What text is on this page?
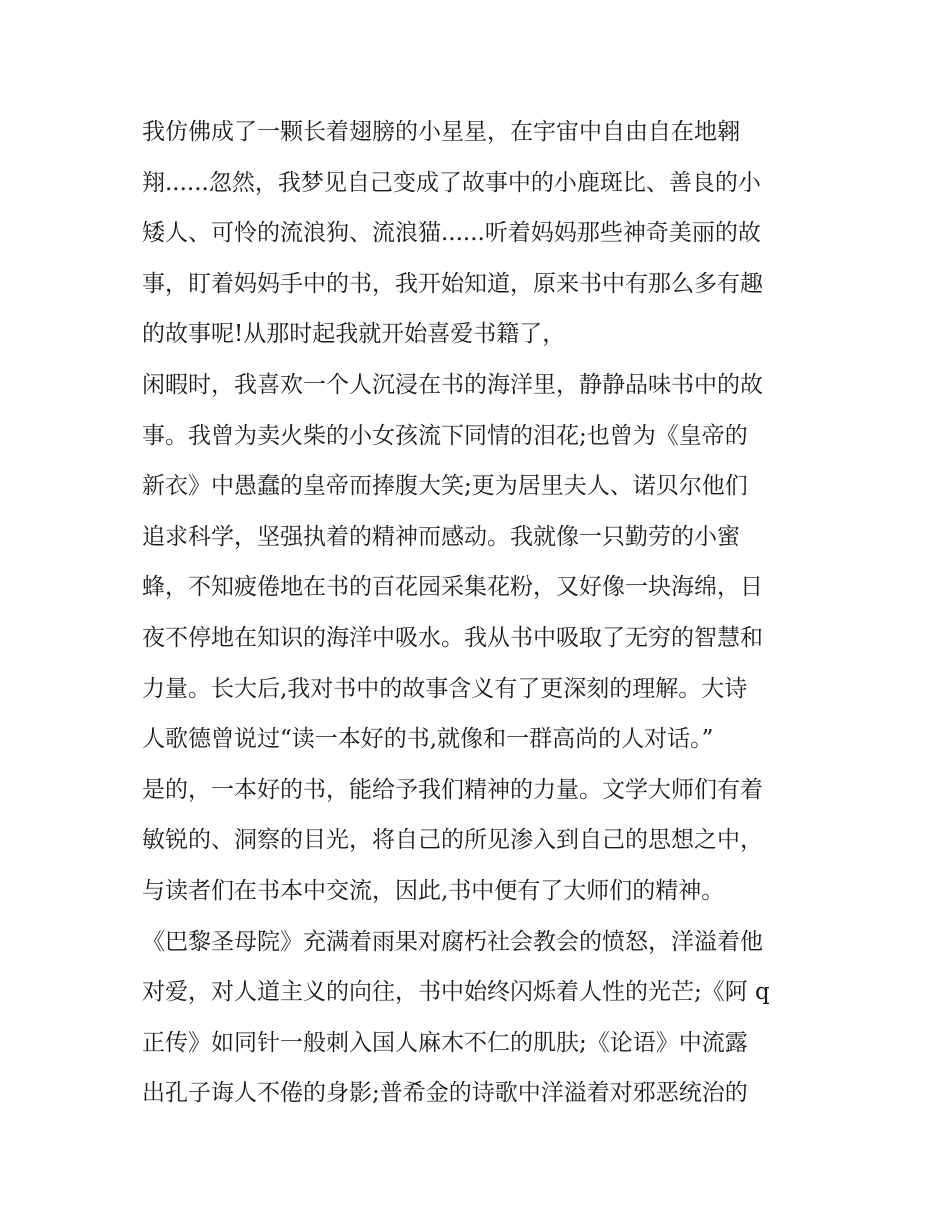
我仿佛成了一颗长着翅膀的小星星，在宇宙中自由自在地翱
翔......忽然，我梦见自己变成了故事中的小鹿斑比、善良的小
矮人、可怜的流浪狗、流浪猫......听着妈妈那些神奇美丽的故
事，盯着妈妈手中的书，我开始知道，原来书中有那么多有趣
的故事呢!从那时起我就开始喜爱书籍了，
闲暇时，我喜欢一个人沉浸在书的海洋里，静静品味书中的故
事。我曾为卖火柴的小女孩流下同情的泪花;也曾为《皇帝的
新衣》中愚蠢的皇帝而捧腹大笑;更为居里夫人、诺贝尔他们
追求科学，坚强执着的精神而感动。我就像一只勤劳的小蜜
蜂，不知疲倦地在书的百花园采集花粉，又好像一块海绵，日
夜不停地在知识的海洋中吸水。我从书中吸取了无穷的智慧和
力量。长大后,我对书中的故事含义有了更深刻的理解。大诗
人歌德曾说过“读一本好的书,就像和一群高尚的人对话。”
是的，一本好的书，能给予我们精神的力量。文学大师们有着
敏锐的、洞察的目光，将自己的所见渗入到自己的思想之中，
与读者们在书本中交流，因此,书中便有了大师们的精神。
《巴黎圣母院》充满着雨果对腐朽社会教会的愤怒，洋溢着他
对爱，对人道主义的向往，书中始终闪烁着人性的光芒;《阿 q
正传》如同针一般刺入国人麻木不仁的肌肤;《论语》中流露
出孔子诲人不倦的身影;普希金的诗歌中洋溢着对邪恶统治的
